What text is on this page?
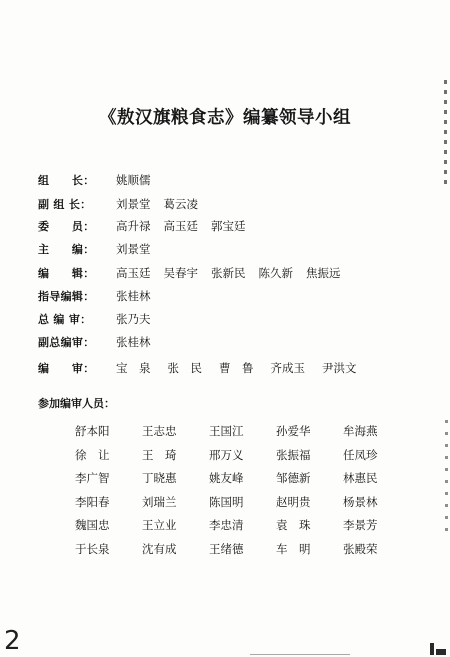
《敖汉旗粮食志》编纂领导小组
组　　长： 姚顺儒
副 组 长： 刘景堂 葛云凌
委　　员： 高升禄 高玉廷 郭宝廷
主　　编： 刘景堂
编　　辑： 高玉廷 吴春宇 张新民 陈久新 焦振远
指导编辑： 张桂林
总 编 审： 张乃夫
副总编审： 张桂林
编　　审： 宝　泉 张　民 曹　鲁 齐成玉 尹洪文
参加编审人员：
舒本阳	王志忠	王国江	孙爱华	牟海燕
徐　让	王　琦	邢万义	张振福	任凤珍
李广智	丁晓惠	姚友峰	邹德新	林惠民
李阳春	刘瑞兰	陈国明	赵明贵	杨景林
魏国忠	王立业	李忠清	袁　珠	李景芳
于长泉	沈有成	王绪德	车　明	张殿荣
2
